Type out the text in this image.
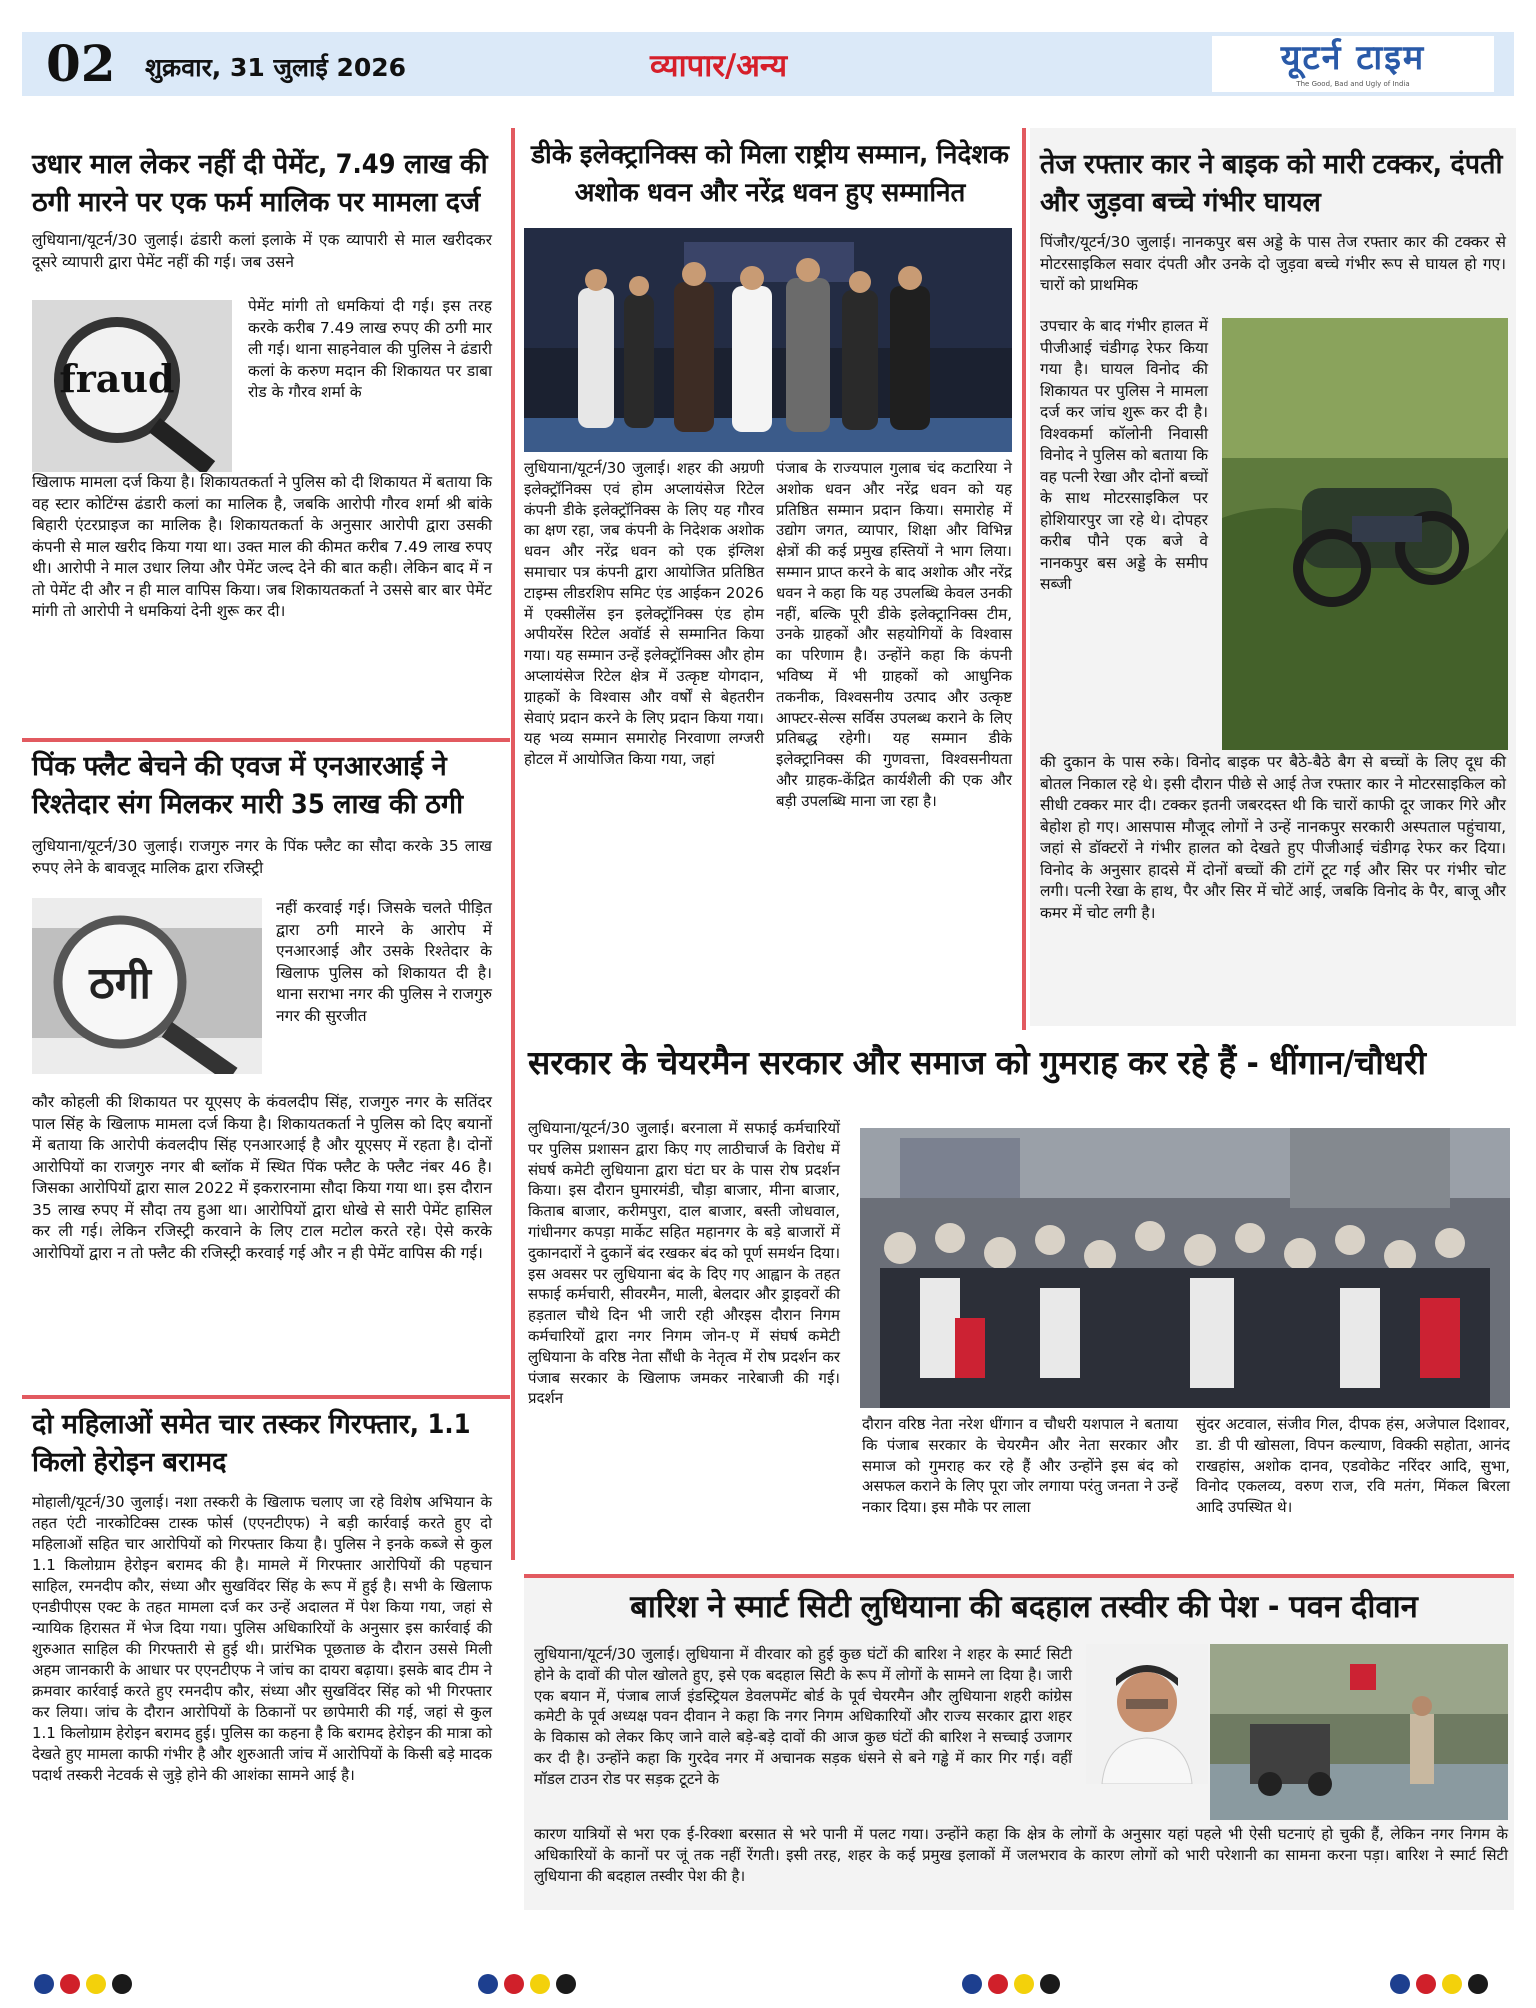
02 शुक्रवार, 31 जुलाई 2026	व्यापार/अन्य	यूटर्न टाइम
The Good, Bad and Ugly of India
उधार माल लेकर नहीं दी पेमेंट, 7.49 लाख की ठगी मारने पर एक फर्म मालिक पर मामला दर्ज

लुधियाना/यूटर्न/30 जुलाई। ढंडारी कलां इलाके में एक व्यापारी से माल खरीदकर दूसरे व्यापारी द्वारा पेमेंट नहीं की गई। जब उसने

fraud

पेमेंट मांगी तो धमकियां दी गई। इस तरह करके करीब 7.49 लाख रुपए की ठगी मार ली गई। थाना साहनेवाल की पुलिस ने ढंडारी कलां के करुण मदान की शिकायत पर डाबा रोड के गौरव शर्मा के

खिलाफ मामला दर्ज किया है। शिकायतकर्ता ने पुलिस को दी शिकायत में बताया कि वह स्टार कोटिंग्स ढंडारी कलां का मालिक है, जबकि आरोपी गौरव शर्मा श्री बांके बिहारी एंटरप्राइज का मालिक है। शिकायतकर्ता के अनुसार आरोपी द्वारा उसकी कंपनी से माल खरीद किया गया था। उक्त माल की कीमत करीब 7.49 लाख रुपए थी। आरोपी ने माल उधार लिया और पेमेंट जल्द देने की बात कही। लेकिन बाद में न तो पेमेंट दी और न ही माल वापिस किया। जब शिकायतकर्ता ने उससे बार बार पेमेंट मांगी तो आरोपी ने धमकियां देनी शुरू कर दी।

पिंक फ्लैट बेचने की एवज में एनआरआई ने रिश्तेदार संग मिलकर मारी 35 लाख की ठगी

लुधियाना/यूटर्न/30 जुलाई। राजगुरु नगर के पिंक फ्लैट का सौदा करके 35 लाख रुपए लेने के बावजूद मालिक द्वारा रजिस्ट्री

ठगी

नहीं करवाई गई। जिसके चलते पीड़ित द्वारा ठगी मारने के आरोप में एनआरआई और उसके रिश्तेदार के खिलाफ पुलिस को शिकायत दी है। थाना सराभा नगर की पुलिस ने राजगुरु नगर की सुरजीत

कौर कोहली की शिकायत पर यूएसए के कंवलदीप सिंह, राजगुरु नगर के सतिंदर पाल सिंह के खिलाफ मामला दर्ज किया है। शिकायतकर्ता ने पुलिस को दिए बयानों में बताया कि आरोपी कंवलदीप सिंह एनआरआई है और यूएसए में रहता है। दोनों आरोपियों का राजगुरु नगर बी ब्लॉक में स्थित पिंक फ्लैट के फ्लैट नंबर 46 है। जिसका आरोपियों द्वारा साल 2022 में इकरारनामा सौदा किया गया था। इस दौरान 35 लाख रुपए में सौदा तय हुआ था। आरोपियों द्वारा धोखे से सारी पेमेंट हासिल कर ली गई। लेकिन रजिस्ट्री करवाने के लिए टाल मटोल करते रहे। ऐसे करके आरोपियों द्वारा न तो फ्लैट की रजिस्ट्री करवाई गई और न ही पेमेंट वापिस की गई।

दो महिलाओं समेत चार तस्कर गिरफ्तार, 1.1 किलो हेरोइन बरामद

मोहाली/यूटर्न/30 जुलाई। नशा तस्करी के खिलाफ चलाए जा रहे विशेष अभियान के तहत एंटी नारकोटिक्स टास्क फोर्स (एएनटीएफ) ने बड़ी कार्रवाई करते हुए दो महिलाओं सहित चार आरोपियों को गिरफ्तार किया है। पुलिस ने इनके कब्जे से कुल 1.1 किलोग्राम हेरोइन बरामद की है। मामले में गिरफ्तार आरोपियों की पहचान साहिल, रमनदीप कौर, संध्या और सुखविंदर सिंह के रूप में हुई है। सभी के खिलाफ एनडीपीएस एक्ट के तहत मामला दर्ज कर उन्हें अदालत में पेश किया गया, जहां से न्यायिक हिरासत में भेज दिया गया। पुलिस अधिकारियों के अनुसार इस कार्रवाई की शुरुआत साहिल की गिरफ्तारी से हुई थी। प्रारंभिक पूछताछ के दौरान उससे मिली अहम जानकारी के आधार पर एएनटीएफ ने जांच का दायरा बढ़ाया। इसके बाद टीम ने क्रमवार कार्रवाई करते हुए रमनदीप कौर, संध्या और सुखविंदर सिंह को भी गिरफ्तार कर लिया। जांच के दौरान आरोपियों के ठिकानों पर छापेमारी की गई, जहां से कुल 1.1 किलोग्राम हेरोइन बरामद हुई। पुलिस का कहना है कि बरामद हेरोइन की मात्रा को देखते हुए मामला काफी गंभीर है और शुरुआती जांच में आरोपियों के किसी बड़े मादक पदार्थ तस्करी नेटवर्क से जुड़े होने की आशंका सामने आई है।

डीके इलेक्ट्रानिक्स को मिला राष्ट्रीय सम्मान, निदेशक अशोक धवन और नरेंद्र धवन हुए सम्मानित

लुधियाना/यूटर्न/30 जुलाई। शहर की अग्रणी इलेक्ट्रॉनिक्स एवं होम अप्लायंसेज रिटेल कंपनी डीके इलेक्ट्रॉनिक्स के लिए यह गौरव का क्षण रहा, जब कंपनी के निदेशक अशोक धवन और नरेंद्र धवन को एक इंग्लिश समाचार पत्र कंपनी द्वारा आयोजित प्रतिष्ठित टाइम्स लीडरशिप समिट एंड आईकन 2026 में एक्सीलेंस इन इलेक्ट्रॉनिक्स एंड होम अपीयरेंस रिटेल अवॉर्ड से सम्मानित किया गया। यह सम्मान उन्हें इलेक्ट्रॉनिक्स और होम अप्लायंसेज रिटेल क्षेत्र में उत्कृष्ट योगदान, ग्राहकों के विश्वास और वर्षों से बेहतरीन सेवाएं प्रदान करने के लिए प्रदान किया गया। यह भव्य सम्मान समारोह निरवाणा लग्जरी होटल में आयोजित किया गया, जहां

पंजाब के राज्यपाल गुलाब चंद कटारिया ने अशोक धवन और नरेंद्र धवन को यह प्रतिष्ठित सम्मान प्रदान किया। समारोह में उद्योग जगत, व्यापार, शिक्षा और विभिन्न क्षेत्रों की कई प्रमुख हस्तियों ने भाग लिया। सम्मान प्राप्त करने के बाद अशोक और नरेंद्र धवन ने कहा कि यह उपलब्धि केवल उनकी नहीं, बल्कि पूरी डीके इलेक्ट्रानिक्स टीम, उनके ग्राहकों और सहयोगियों के विश्वास का परिणाम है। उन्होंने कहा कि कंपनी भविष्य में भी ग्राहकों को आधुनिक तकनीक, विश्वसनीय उत्पाद और उत्कृष्ट आफ्टर-सेल्स सर्विस उपलब्ध कराने के लिए प्रतिबद्ध रहेगी। यह सम्मान डीके इलेक्ट्रानिक्स की गुणवत्ता, विश्वसनीयता और ग्राहक-केंद्रित कार्यशैली की एक और बड़ी उपलब्धि माना जा रहा है।

तेज रफ्तार कार ने बाइक को मारी टक्कर, दंपती और जुड़वा बच्चे गंभीर घायल

पिंजौर/यूटर्न/30 जुलाई। नानकपुर बस अड्डे के पास तेज रफ्तार कार की टक्कर से मोटरसाइकिल सवार दंपती और उनके दो जुड़वा बच्चे गंभीर रूप से घायल हो गए। चारों को प्राथमिक

उपचार के बाद गंभीर हालत में पीजीआई चंडीगढ़ रेफर किया गया है। घायल विनोद की शिकायत पर पुलिस ने मामला दर्ज कर जांच शुरू कर दी है। विश्वकर्मा कॉलोनी निवासी विनोद ने पुलिस को बताया कि वह पत्नी रेखा और दोनों बच्चों के साथ मोटरसाइकिल पर होशियारपुर जा रहे थे। दोपहर करीब पौने एक बजे वे नानकपुर बस अड्डे के समीप सब्जी

की दुकान के पास रुके। विनोद बाइक पर बैठे-बैठे बैग से बच्चों के लिए दूध की बोतल निकाल रहे थे। इसी दौरान पीछे से आई तेज रफ्तार कार ने मोटरसाइकिल को सीधी टक्कर मार दी। टक्कर इतनी जबरदस्त थी कि चारों काफी दूर जाकर गिरे और बेहोश हो गए। आसपास मौजूद लोगों ने उन्हें नानकपुर सरकारी अस्पताल पहुंचाया, जहां से डॉक्टरों ने गंभीर हालत को देखते हुए पीजीआई चंडीगढ़ रेफर कर दिया। विनोद के अनुसार हादसे में दोनों बच्चों की टांगें टूट गई और सिर पर गंभीर चोट लगी। पत्नी रेखा के हाथ, पैर और सिर में चोटें आई, जबकि विनोद के पैर, बाजू और कमर में चोट लगी है।

सरकार के चेयरमैन सरकार और समाज को गुमराह कर रहे हैं - धींगान/चौधरी

लुधियाना/यूटर्न/30 जुलाई। बरनाला में सफाई कर्मचारियों पर पुलिस प्रशासन द्वारा किए गए लाठीचार्ज के विरोध में संघर्ष कमेटी लुधियाना द्वारा घंटा घर के पास रोष प्रदर्शन किया। इस दौरान घुमारमंडी, चौड़ा बाजार, मीना बाजार, किताब बाजार, करीमपुरा, दाल बाजार, बस्ती जोधवाल, गांधीनगर कपड़ा मार्केट सहित महानगर के बड़े बाजारों में दुकानदारों ने दुकानें बंद रखकर बंद को पूर्ण समर्थन दिया। इस अवसर पर लुधियाना बंद के दिए गए आह्वान के तहत सफाई कर्मचारी, सीवरमैन, माली, बेलदार और ड्राइवरों की हड़ताल चौथे दिन भी जारी रही औरइस दौरान निगम कर्मचारियों द्वारा नगर निगम जोन-ए में संघर्ष कमेटी लुधियाना के वरिष्ठ नेता सौंधी के नेतृत्व में रोष प्रदर्शन कर पंजाब सरकार के खिलाफ जमकर नारेबाजी की गई। प्रदर्शन

दौरान वरिष्ठ नेता नरेश धींगान व चौधरी यशपाल ने बताया कि पंजाब सरकार के चेयरमैन और नेता सरकार और समाज को गुमराह कर रहे हैं और उन्होंने इस बंद को असफल कराने के लिए पूरा जोर लगाया परंतु जनता ने उन्हें नकार दिया। इस मौके पर लाला

सुंदर अटवाल, संजीव गिल, दीपक हंस, अजेपाल दिशावर, डा. डी पी खोसला, विपन कल्याण, विक्की सहोता, आनंद राखहांस, अशोक दानव, एडवोकेट नरिंदर आदि, सुभा, विनोद एकलव्य, वरुण राज, रवि मतंग, मिंकल बिरला आदि उपस्थित थे।

बारिश ने स्मार्ट सिटी लुधियाना की बदहाल तस्वीर की पेश - पवन दीवान

लुधियाना/यूटर्न/30 जुलाई। लुधियाना में वीरवार को हुई कुछ घंटों की बारिश ने शहर के स्मार्ट सिटी होने के दावों की पोल खोलते हुए, इसे एक बदहाल सिटी के रूप में लोगों के सामने ला दिया है। जारी एक बयान में, पंजाब लार्ज इंडस्ट्रियल डेवलपमेंट बोर्ड के पूर्व चेयरमैन और लुधियाना शहरी कांग्रेस कमेटी के पूर्व अध्यक्ष पवन दीवान ने कहा कि नगर निगम अधिकारियों और राज्य सरकार द्वारा शहर के विकास को लेकर किए जाने वाले बड़े-बड़े दावों की आज कुछ घंटों की बारिश ने सच्चाई उजागर कर दी है। उन्होंने कहा कि गुरदेव नगर में अचानक सड़क धंसने से बने गड्ढे में कार गिर गई। वहीं मॉडल टाउन रोड पर सड़क टूटने के

कारण यात्रियों से भरा एक ई-रिक्शा बरसात से भरे पानी में पलट गया। उन्होंने कहा कि क्षेत्र के लोगों के अनुसार यहां पहले भी ऐसी घटनाएं हो चुकी हैं, लेकिन नगर निगम के अधिकारियों के कानों पर जूं तक नहीं रेंगती। इसी तरह, शहर के कई प्रमुख इलाकों में जलभराव के कारण लोगों को भारी परेशानी का सामना करना पड़ा। बारिश ने स्मार्ट सिटी लुधियाना की बदहाल तस्वीर पेश की है।
